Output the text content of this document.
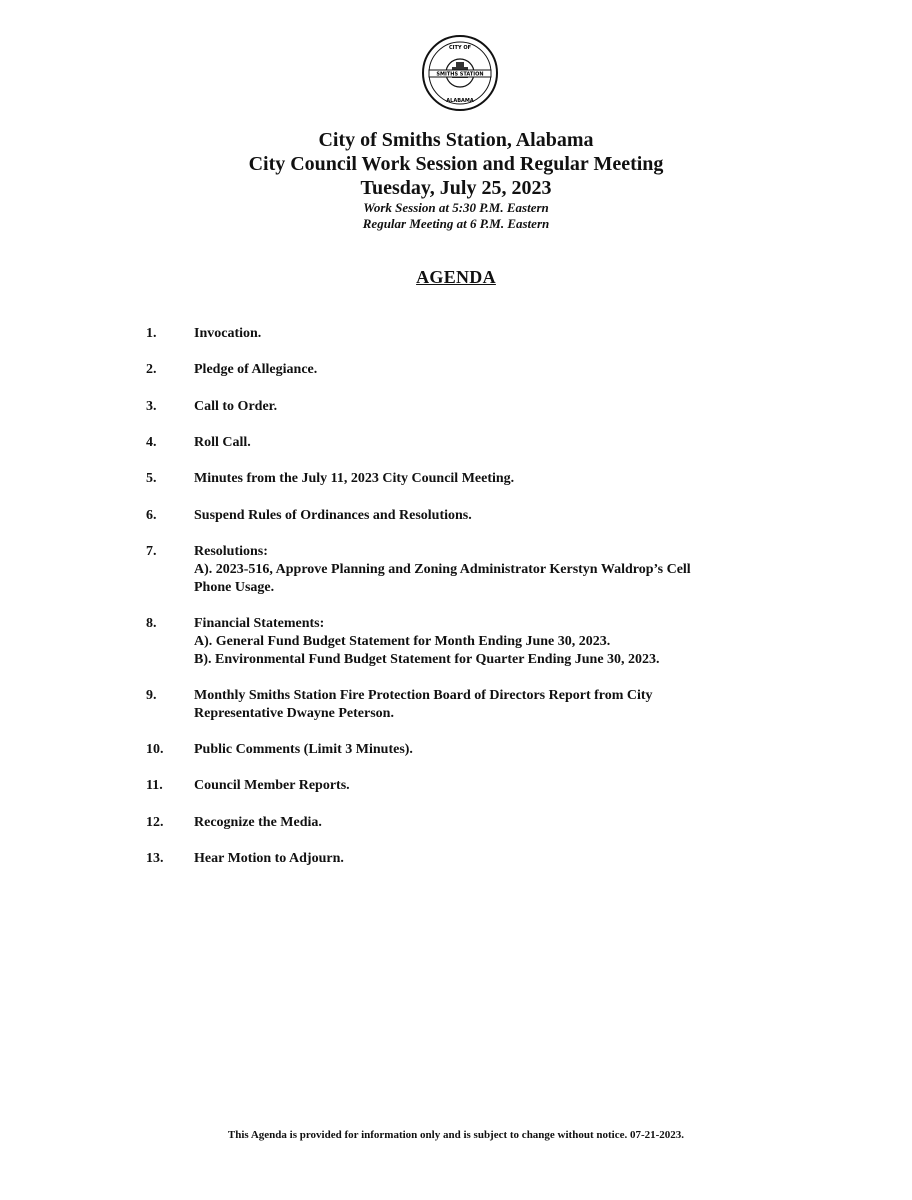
CITY OF
SMITHS STATION
ALABAMA
City of Smiths Station, Alabama
City Council Work Session and Regular Meeting
Tuesday, July 25, 2023
Work Session at 5:30 P.M. Eastern
Regular Meeting at 6 P.M. Eastern
AGENDA
1.	Invocation.
2.	Pledge of Allegiance.
3.	Call to Order.
4.	Roll Call.
5.	Minutes from the July 11, 2023 City Council Meeting.
6.	Suspend Rules of Ordinances and Resolutions.
7.	Resolutions:
A). 2023-516, Approve Planning and Zoning Administrator Kerstyn Waldrop’s Cell
Phone Usage.
8.	Financial Statements:
A). General Fund Budget Statement for Month Ending June 30, 2023.
B). Environmental Fund Budget Statement for Quarter Ending June 30, 2023.
9.	Monthly Smiths Station Fire Protection Board of Directors Report from City
Representative Dwayne Peterson.
10.	Public Comments (Limit 3 Minutes).
11.	Council Member Reports.
12.	Recognize the Media.
13.	Hear Motion to Adjourn.
This Agenda is provided for information only and is subject to change without notice. 07-21-2023.
